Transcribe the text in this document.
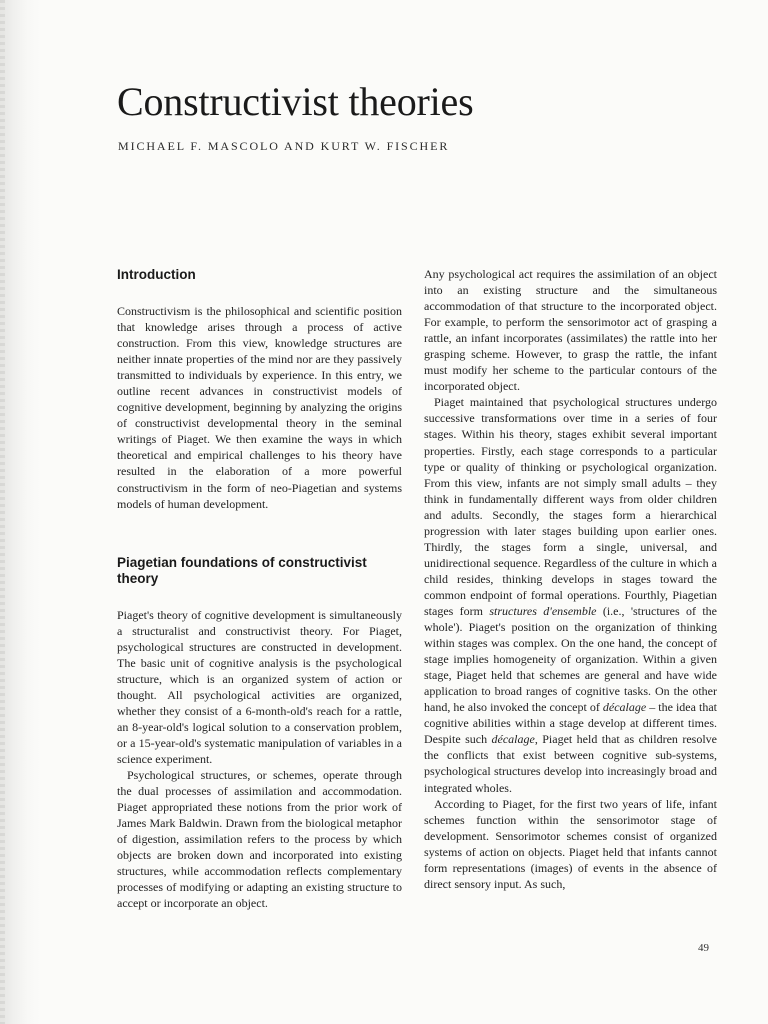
Constructivist theories
MICHAEL F. MASCOLO AND KURT W. FISCHER
Introduction

Constructivism is the philosophical and scientific position that knowledge arises through a process of active construction. From this view, knowledge structures are neither innate properties of the mind nor are they passively transmitted to individuals by experience. In this entry, we outline recent advances in constructivist models of cognitive development, beginning by analyzing the origins of constructivist developmental theory in the seminal writings of Piaget. We then examine the ways in which theoretical and empirical challenges to his theory have resulted in the elaboration of a more powerful constructivism in the form of neo-Piagetian and systems models of human development.

Piagetian foundations of constructivist theory

Piaget's theory of cognitive development is simultaneously a structuralist and constructivist theory. For Piaget, psychological structures are constructed in development. The basic unit of cognitive analysis is the psychological structure, which is an organized system of action or thought. All psychological activities are organized, whether they consist of a 6-month-old's reach for a rattle, an 8-year-old's logical solution to a conservation problem, or a 15-year-old's systematic manipulation of variables in a science experiment.

Psychological structures, or schemes, operate through the dual processes of assimilation and accommodation. Piaget appropriated these notions from the prior work of James Mark Baldwin. Drawn from the biological metaphor of digestion, assimilation refers to the process by which objects are broken down and incorporated into existing structures, while accommodation reflects complementary processes of modifying or adapting an existing structure to accept or incorporate an object.

Any psychological act requires the assimilation of an object into an existing structure and the simultaneous accommodation of that structure to the incorporated object. For example, to perform the sensorimotor act of grasping a rattle, an infant incorporates (assimilates) the rattle into her grasping scheme. However, to grasp the rattle, the infant must modify her scheme to the particular contours of the incorporated object.

Piaget maintained that psychological structures undergo successive transformations over time in a series of four stages. Within his theory, stages exhibit several important properties. Firstly, each stage corresponds to a particular type or quality of thinking or psychological organization. From this view, infants are not simply small adults – they think in fundamentally different ways from older children and adults. Secondly, the stages form a hierarchical progression with later stages building upon earlier ones. Thirdly, the stages form a single, universal, and unidirectional sequence. Regardless of the culture in which a child resides, thinking develops in stages toward the common endpoint of formal operations. Fourthly, Piagetian stages form structures d'ensemble (i.e., 'structures of the whole'). Piaget's position on the organization of thinking within stages was complex. On the one hand, the concept of stage implies homogeneity of organization. Within a given stage, Piaget held that schemes are general and have wide application to broad ranges of cognitive tasks. On the other hand, he also invoked the concept of décalage – the idea that cognitive abilities within a stage develop at different times. Despite such décalage, Piaget held that as children resolve the conflicts that exist between cognitive sub-systems, psychological structures develop into increasingly broad and integrated wholes.

According to Piaget, for the first two years of life, infant schemes function within the sensorimotor stage of development. Sensorimotor schemes consist of organized systems of action on objects. Piaget held that infants cannot form representations (images) of events in the absence of direct sensory input. As such,

49
